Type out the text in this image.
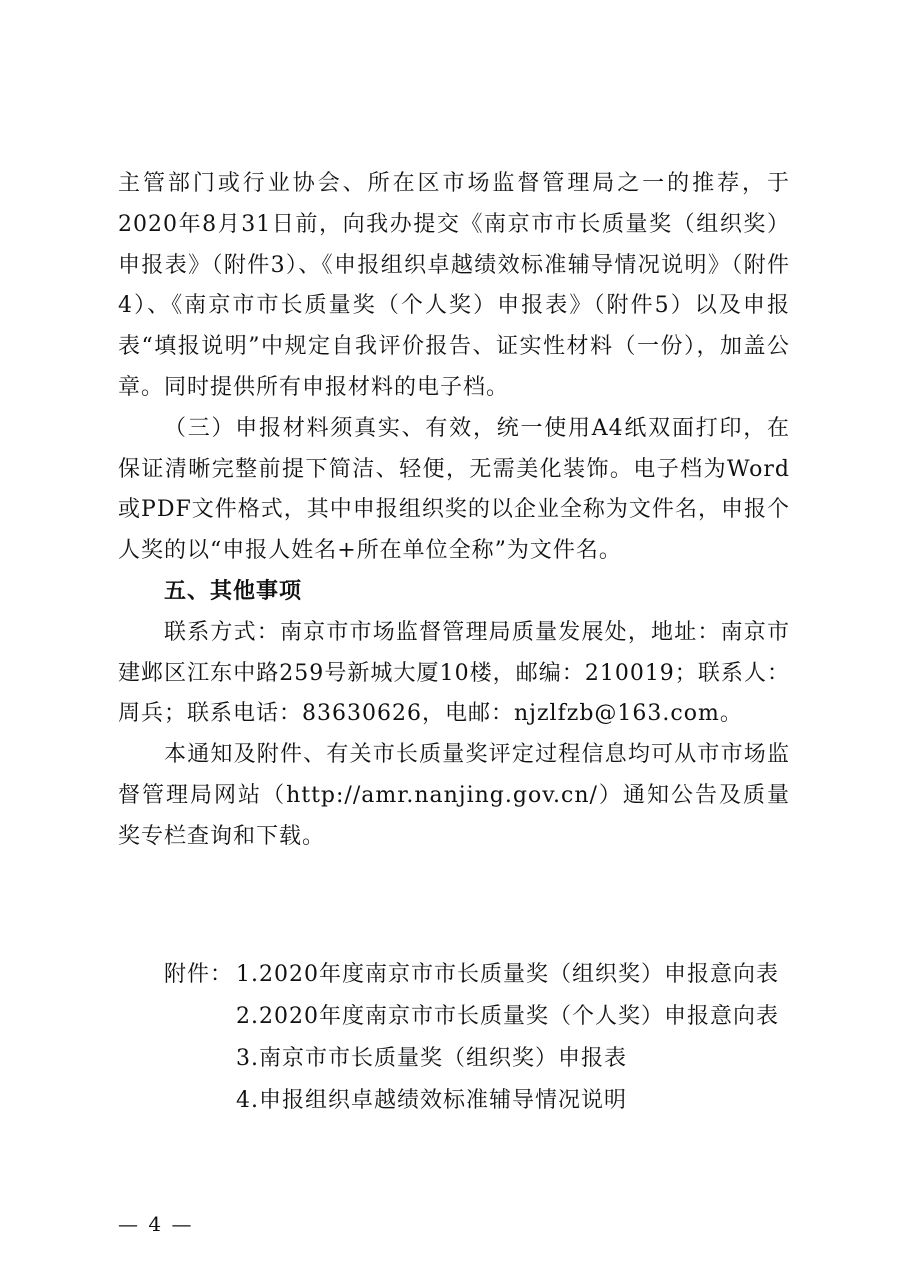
主管部门或行业协会、所在区市场监督管理局之一的推荐，于2020年8月31日前，向我办提交《南京市市长质量奖（组织奖）申报表》（附件3）、《申报组织卓越绩效标准辅导情况说明》（附件4）、《南京市市长质量奖（个人奖）申报表》（附件5）以及申报表“填报说明”中规定自我评价报告、证实性材料（一份），加盖公章。同时提供所有申报材料的电子档。

（三）申报材料须真实、有效，统一使用A4纸双面打印，在保证清晰完整前提下简洁、轻便，无需美化装饰。电子档为Word或PDF文件格式，其中申报组织奖的以企业全称为文件名，申报个人奖的以“申报人姓名+所在单位全称”为文件名。

五、其他事项

联系方式：南京市市场监督管理局质量发展处，地址：南京市建邺区江东中路259号新城大厦10楼，邮编：210019；联系人：周兵；联系电话：83630626，电邮：njzlfzb@163.com。

本通知及附件、有关市长质量奖评定过程信息均可从市市场监督管理局网站（http://amr.nanjing.gov.cn/）通知公告及质量奖专栏查询和下载。

附件： 1.2020年度南京市市长质量奖（组织奖）申报意向表
2.2020年度南京市市长质量奖（个人奖）申报意向表
3.南京市市长质量奖（组织奖）申报表
4.申报组织卓越绩效标准辅导情况说明
— 4 —
